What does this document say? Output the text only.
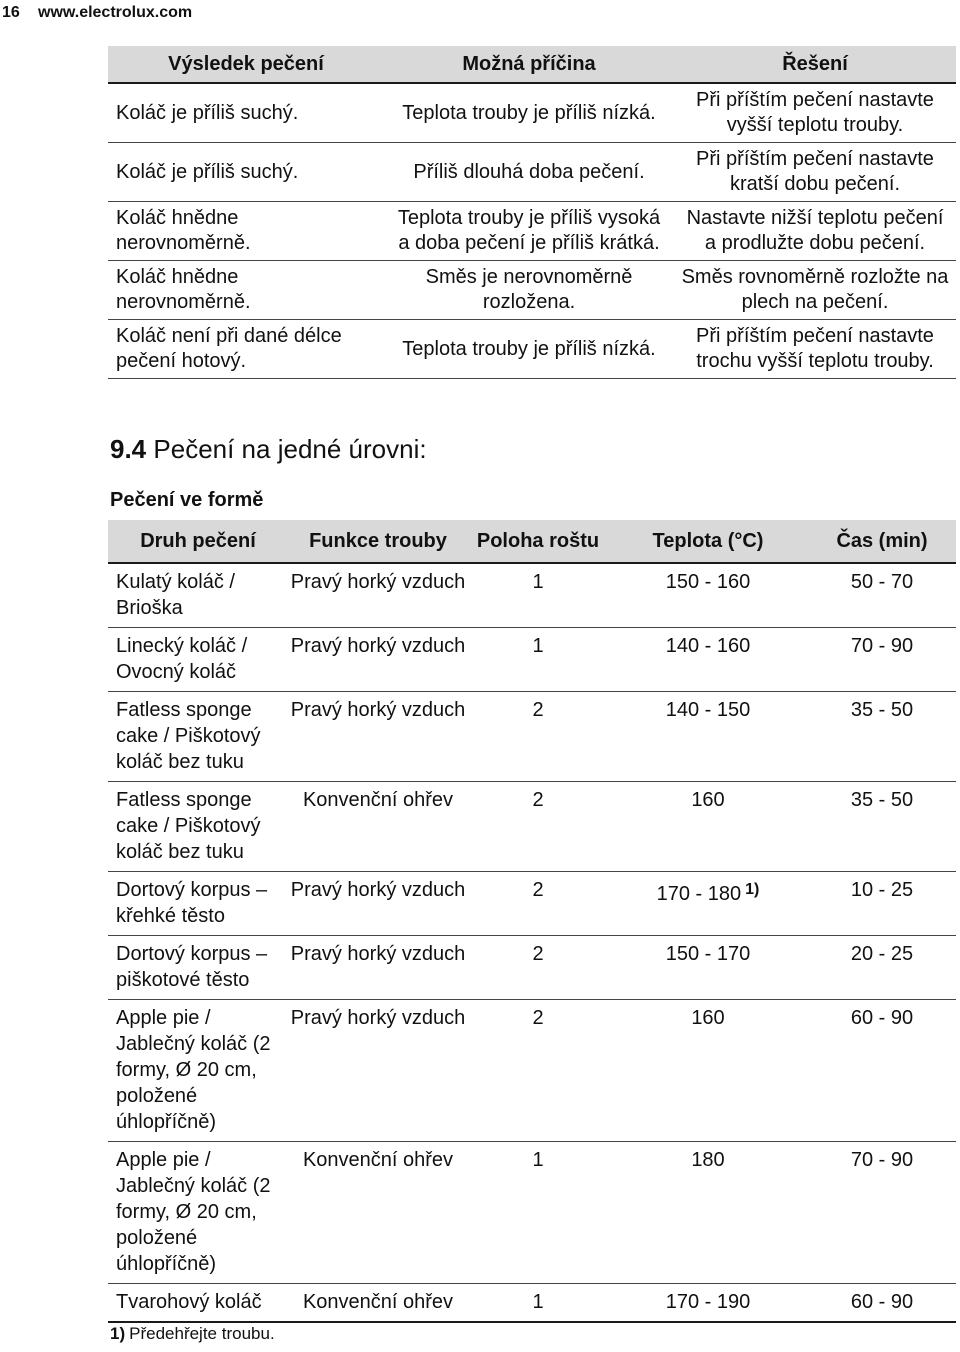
16 www.electrolux.com
Výsledek pečení	Možná příčina	Řešení
Koláč je příliš suchý.	Teplota trouby je příliš nízká.	Při příštím pečení nastavte vyšší teplotu trouby.
Koláč je příliš suchý.	Příliš dlouhá doba pečení.	Při příštím pečení nastavte kratší dobu pečení.
Koláč hnědne nerovnoměrně.	Teplota trouby je příliš vysoká a doba pečení je příliš krátká.	Nastavte nižší teplotu pečení a prodlužte dobu pečení.
Koláč hnědne nerovnoměrně.	Směs je nerovnoměrně rozložena.	Směs rovnoměrně rozložte na plech na pečení.
Koláč není při dané délce pečení hotový.	Teplota trouby je příliš nízká.	Při příštím pečení nastavte trochu vyšší teplotu trouby.
9.4 Pečení na jedné úrovni:
Pečení ve formě
Druh pečení	Funkce trouby	Poloha roštu	Teplota (°C)	Čas (min)
Kulatý koláč / Brioška	Pravý horký vzduch	1	150 - 160	50 - 70
Linecký koláč / Ovocný koláč	Pravý horký vzduch	1	140 - 160	70 - 90
Fatless sponge cake / Piškotový koláč bez tuku	Pravý horký vzduch	2	140 - 150	35 - 50
Fatless sponge cake / Piškotový koláč bez tuku	Konvenční ohřev	2	160	35 - 50
Dortový korpus – křehké těsto	Pravý horký vzduch	2	170 - 180 $^{1)}$	10 - 25
Dortový korpus – piškotové těsto	Pravý horký vzduch	2	150 - 170	20 - 25
Apple pie / Jablečný koláč (2 formy, Ø 20 cm, položené úhlopříčně)	Pravý horký vzduch	2	160	60 - 90
Apple pie / Jablečný koláč (2 formy, Ø 20 cm, položené úhlopříčně)	Konvenční ohřev	1	180	70 - 90
Tvarohový koláč	Konvenční ohřev	1	170 - 190	60 - 90
1) Předehřejte troubu.
